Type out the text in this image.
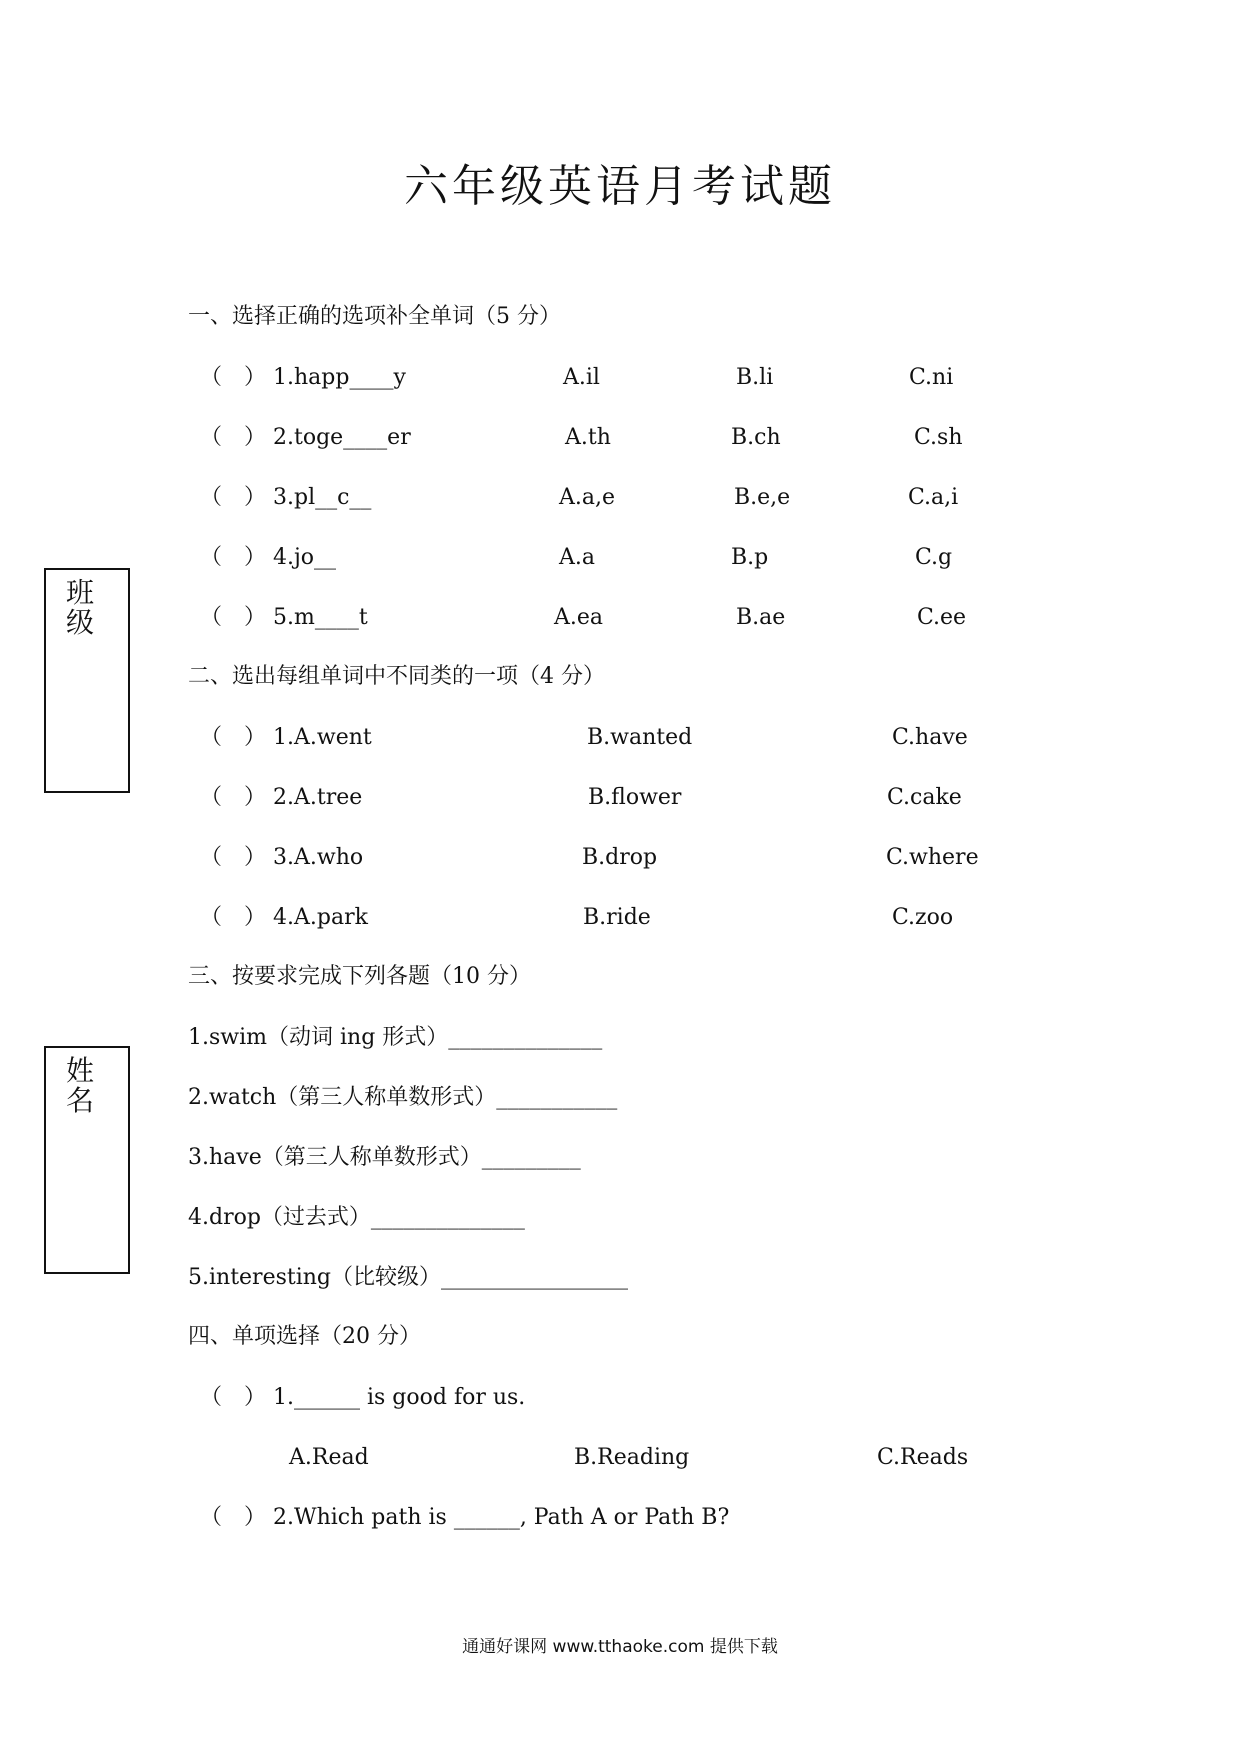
六年级英语月考试题
班级
姓名
一、选择正确的选项补全单词（5 分）
（　） 1.happ____y	A.il	B.li	C.ni
（　） 2.toge____er	A.th	B.ch	C.sh
（　） 3.pl__c__	A.a,e	B.e,e	C.a,i
（　） 4.jo__	A.a	B.p	C.g
（　） 5.m____t	A.ea	B.ae	C.ee
二、选出每组单词中不同类的一项（4 分）
（　） 1.A.went	B.wanted	C.have
（　） 2.A.tree	B.flower	C.cake
（　） 3.A.who	B.drop	C.where
（　） 4.A.park	B.ride	C.zoo
三、按要求完成下列各题（10 分）
1.swim（动词 ing 形式）______________
2.watch（第三人称单数形式）___________
3.have（第三人称单数形式）_________
4.drop（过去式）______________
5.interesting（比较级）_________________
四、单项选择（20 分）
（　） 1.______ is good for us.
A.Read	B.Reading	C.Reads
（　） 2.Which path is ______, Path A or Path B?
通通好课网 www.tthaoke.com 提供下载
